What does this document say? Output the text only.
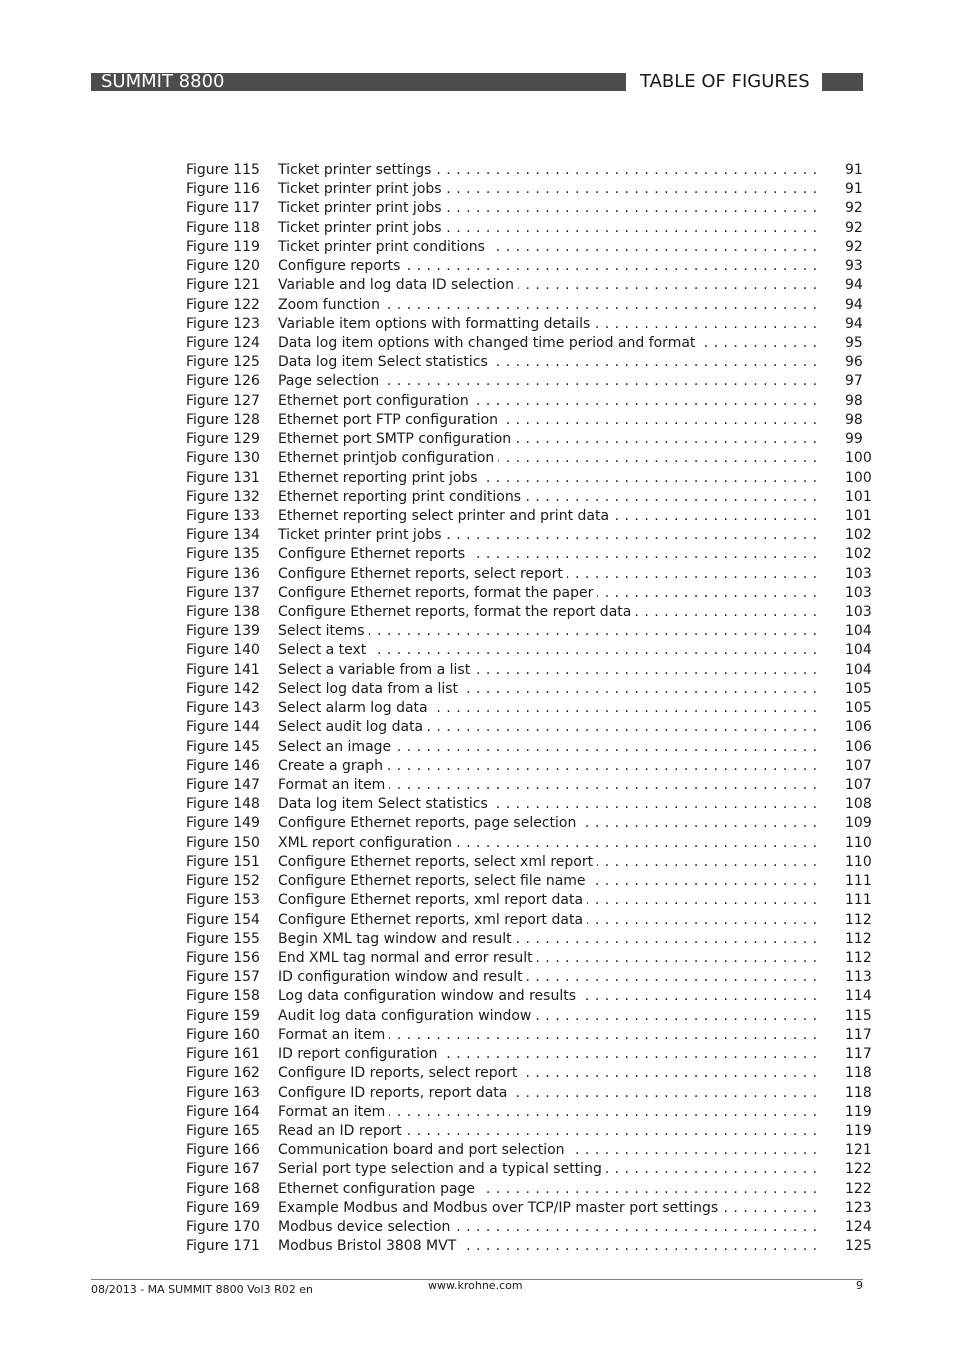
SUMMIT 8800	TABLE OF FIGURES
Figure 115 Ticket printer settings . . .	91
Figure 116 Ticket printer print jobs . . .	91
Figure 117 Ticket printer print jobs . . .	92
Figure 118 Ticket printer print jobs . . .	92
Figure 119 Ticket printer print conditions . . .	92
Figure 120 Configure reports . . .	93
Figure 121 Variable and log data ID selection . . .	94
Figure 122 Zoom function . . .	94
Figure 123 Variable item options with formatting details . . .	94
Figure 124 Data log item options with changed time period and format . . .	95
Figure 125 Data log item Select statistics . . .	96
Figure 126 Page selection . . .	97
Figure 127 Ethernet port configuration . . .	98
Figure 128 Ethernet port FTP configuration . . .	98
Figure 129 Ethernet port SMTP configuration . . .	99
Figure 130 Ethernet printjob configuration . . .	100
Figure 131 Ethernet reporting print jobs . . .	100
Figure 132 Ethernet reporting print conditions . . .	101
Figure 133 Ethernet reporting select printer and print data . . .	101
Figure 134 Ticket printer print jobs . . .	102
Figure 135 Configure Ethernet reports . . .	102
Figure 136 Configure Ethernet reports, select report . . .	103
Figure 137 Configure Ethernet reports, format the paper . . .	103
Figure 138 Configure Ethernet reports, format the report data . . .	103
Figure 139 Select items . . .	104
Figure 140 Select a text . . .	104
Figure 141 Select a variable from a list . . .	104
Figure 142 Select log data from a list . . .	105
Figure 143 Select alarm log data . . .	105
Figure 144 Select audit log data . . .	106
Figure 145 Select an image . . .	106
Figure 146 Create a graph . . .	107
Figure 147 Format an item . . .	107
Figure 148 Data log item Select statistics . . .	108
Figure 149 Configure Ethernet reports, page selection . . .	109
Figure 150 XML report configuration . . .	110
Figure 151 Configure Ethernet reports, select xml report . . .	110
Figure 152 Configure Ethernet reports, select file name . . .	111
Figure 153 Configure Ethernet reports, xml report data . . .	111
Figure 154 Configure Ethernet reports, xml report data . . .	112
Figure 155 Begin XML tag window and result . . .	112
Figure 156 End XML tag normal and error result . . .	112
Figure 157 ID configuration window and result . . .	113
Figure 158 Log data configuration window and results . . .	114
Figure 159 Audit log data configuration window . . .	115
Figure 160 Format an item . . .	117
Figure 161 ID report configuration . . .	117
Figure 162 Configure ID reports, select report . . .	118
Figure 163 Configure ID reports, report data . . .	118
Figure 164 Format an item . . .	119
Figure 165 Read an ID report . . .	119
Figure 166 Communication board and port selection . . .	121
Figure 167 Serial port type selection and a typical setting . . .	122
Figure 168 Ethernet configuration page . . .	122
Figure 169 Example Modbus and Modbus over TCP/IP master port settings . . .	123
Figure 170 Modbus device selection . . .	124
Figure 171 Modbus Bristol 3808 MVT . . .	125
08/2013 - MA SUMMIT 8800 Vol3 R02 en	www.krohne.com	9
